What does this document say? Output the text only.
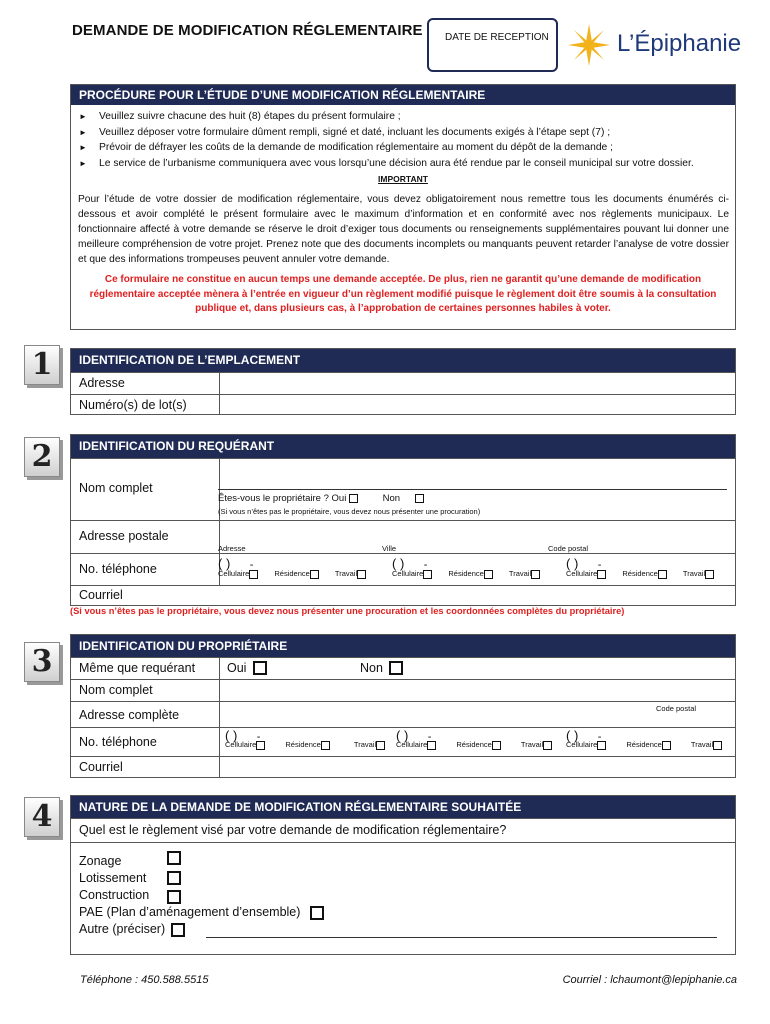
DEMANDE DE MODIFICATION RÉGLEMENTAIRE DATE DE RECEPTION	L’Épiphanie
PROCÉDURE POUR L’ÉTUDE D’UNE MODIFICATION RÉGLEMENTAIRE
► Veuillez suivre chacune des huit (8) étapes du présent formulaire ;
► Veuillez déposer votre formulaire dûment rempli, signé et daté, incluant les documents exigés à l’étape sept (7) ;
► Prévoir de défrayer les coûts de la demande de modification réglementaire au moment du dépôt de la demande ;
► Le service de l’urbanisme communiquera avec vous lorsqu’une décision aura été rendue par le conseil municipal sur votre dossier.
IMPORTANT
Pour l’étude de votre dossier de modification réglementaire, vous devez obligatoirement nous remettre tous les documents énumérés ci-dessous et avoir complété le présent formulaire avec le maximum d’information et en conformité avec nos règlements municipaux. Le fonctionnaire affecté à votre demande se réserve le droit d’exiger tous documents ou renseignements supplémentaires pouvant lui donner une meilleure compréhension de votre projet. Prenez note que des documents incomplets ou manquants peuvent retarder l’analyse de votre dossier et que des informations trompeuses peuvent annuler votre demande.
Ce formulaire ne constitue en aucun temps une demande acceptée. De plus, rien ne garantit qu’une demande de modification réglementaire acceptée mènera à l’entrée en vigueur d’un règlement modifié puisque le règlement doit être soumis à la consultation publique et, dans plusieurs cas, à l’approbation de certaines personnes habiles à voter.
1	IDENTIFICATION DE L’EMPLACEMENT
Adresse
Numéro(s) de lot(s)
2	IDENTIFICATION DU REQUÉRANT
Nom complet
Êtes-vous le propriétaire ? Oui	Non
(Si vous n’êtes pas le propriétaire, vous devez nous présenter une procuration)
Adresse postale
Adresse	Ville	Code postal
No. téléphone	( ) -
Cellulaire	Résidence	Travail
( ) -
Cellulaire	Résidence	Travail
( ) -
Cellulaire	Résidence	Travail
Courriel
(Si vous n’êtes pas le propriétaire, vous devez nous présenter une procuration et les coordonnées complètes du propriétaire)
3	IDENTIFICATION DU PROPRIÉTAIRE
Même que requérant	Oui	Non
Nom complet
Adresse complète	Code postal
No. téléphone	( ) -
Cellulaire	Résidence	Travail
( ) -
Cellulaire	Résidence	Travail
( ) -
Cellulaire	Résidence	Travail
Courriel
4	NATURE DE LA DEMANDE DE MODIFICATION RÉGLEMENTAIRE SOUHAITÉE
Quel est le règlement visé par votre demande de modification réglementaire?
Zonage
Lotissement
Construction
PAE (Plan d’aménagement d’ensemble)
Autre (préciser)
Téléphone : 450.588.5515	Courriel : lchaumont@lepiphanie.ca
